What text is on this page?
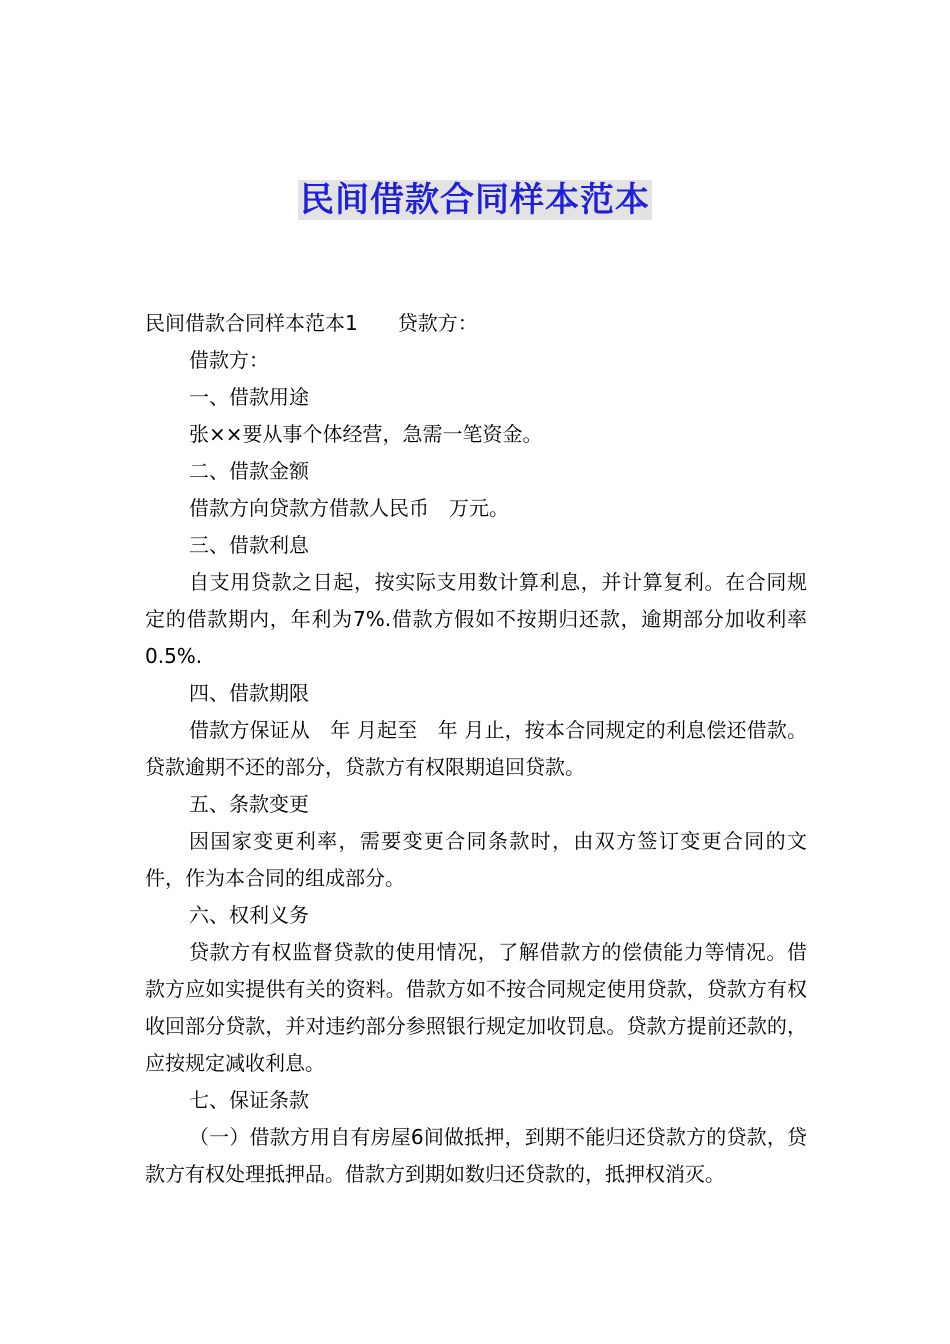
民间借款合同样本范本

民间借款合同样本范本1　　贷款方：

借款方：

一、借款用途

张××要从事个体经营，急需一笔资金。

二、借款金额

借款方向贷款方借款人民币　万元。

三、借款利息

自支用贷款之日起，按实际支用数计算利息，并计算复利。在合同规定的借款期内，年利为7%.借款方假如不按期归还款，逾期部分加收利率0.5%.

四、借款期限

借款方保证从　年 月起至　年 月止，按本合同规定的利息偿还借款。贷款逾期不还的部分，贷款方有权限期追回贷款。

五、条款变更

因国家变更利率，需要变更合同条款时，由双方签订变更合同的文件，作为本合同的组成部分。

六、权利义务

贷款方有权监督贷款的使用情况，了解借款方的偿债能力等情况。借款方应如实提供有关的资料。借款方如不按合同规定使用贷款，贷款方有权收回部分贷款，并对违约部分参照银行规定加收罚息。贷款方提前还款的，应按规定减收利息。

七、保证条款

（一）借款方用自有房屋6间做抵押，到期不能归还贷款方的贷款，贷款方有权处理抵押品。借款方到期如数归还贷款的，抵押权消灭。
